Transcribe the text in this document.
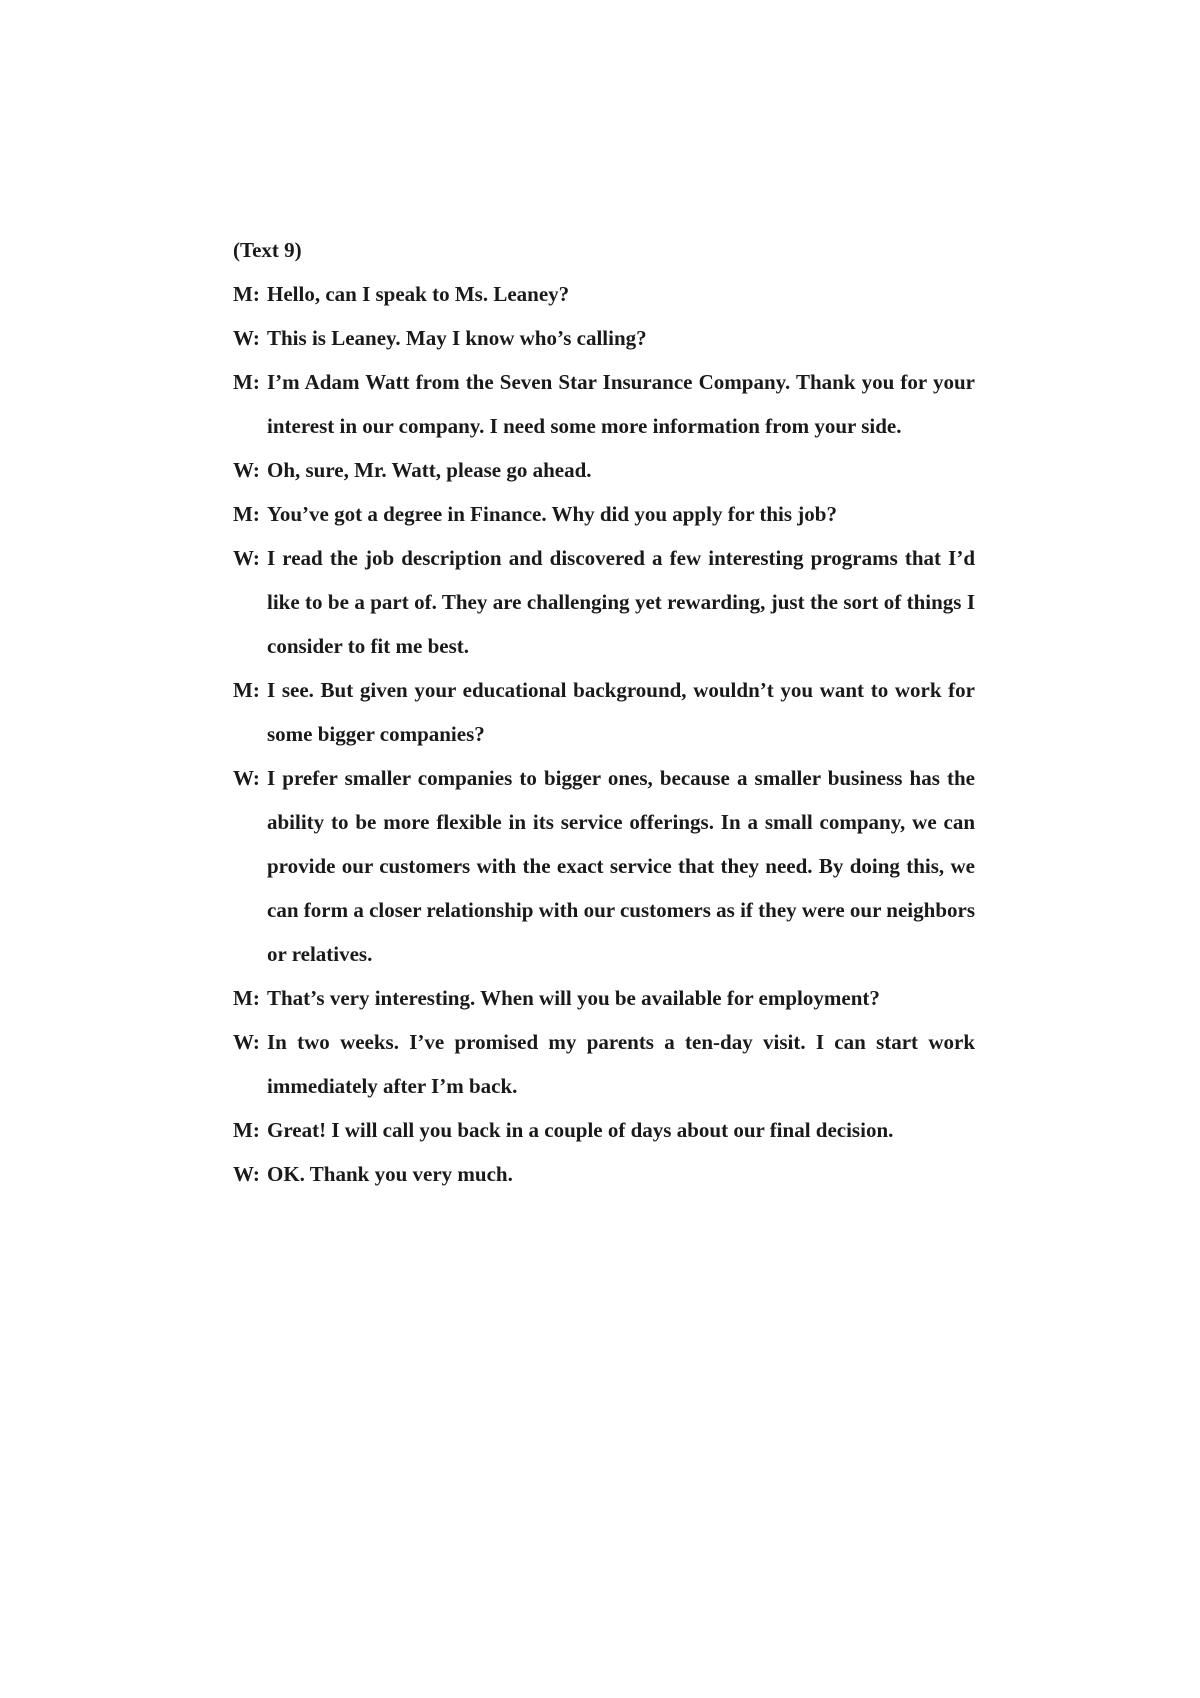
(Text 9)
M: Hello, can I speak to Ms. Leaney?
W: This is Leaney. May I know who’s calling?
M: I’m Adam Watt from the Seven Star Insurance Company. Thank you for your interest in our company. I need some more information from your side.
W: Oh, sure, Mr. Watt, please go ahead.
M: You’ve got a degree in Finance. Why did you apply for this job?
W: I read the job description and discovered a few interesting programs that I’d like to be a part of. They are challenging yet rewarding, just the sort of things I consider to fit me best.
M: I see. But given your educational background, wouldn’t you want to work for some bigger companies?
W: I prefer smaller companies to bigger ones, because a smaller business has the ability to be more flexible in its service offerings. In a small company, we can provide our customers with the exact service that they need. By doing this, we can form a closer relationship with our customers as if they were our neighbors or relatives.
M: That’s very interesting. When will you be available for employment?
W: In two weeks. I’ve promised my parents a ten-day visit. I can start work immediately after I’m back.
M: Great! I will call you back in a couple of days about our final decision.
W: OK. Thank you very much.
